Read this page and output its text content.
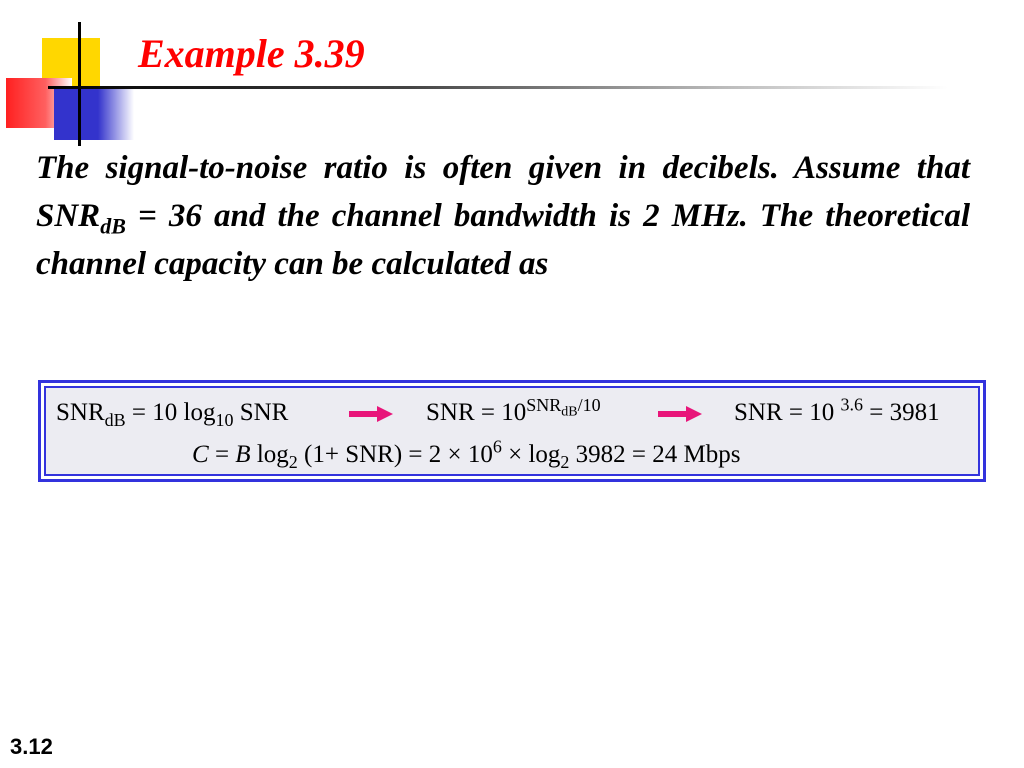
Example 3.39

The signal-to-noise ratio is often given in decibels. Assume that $SNR_{dB} = 36$ and the channel bandwidth is 2 MHz. The theoretical channel capacity can be calculated as

$SNR_{dB} = 10$ $\log_{10}$ SNR	SNR = $10^{SNR_{dB}/10}$	SNR = 10 $^{3.6}$ = 3981
C = B $\log_2 (1+ SNR) = 2 \times 10^6 \times \log_2 3982 = 24$ Mbps
3.12
